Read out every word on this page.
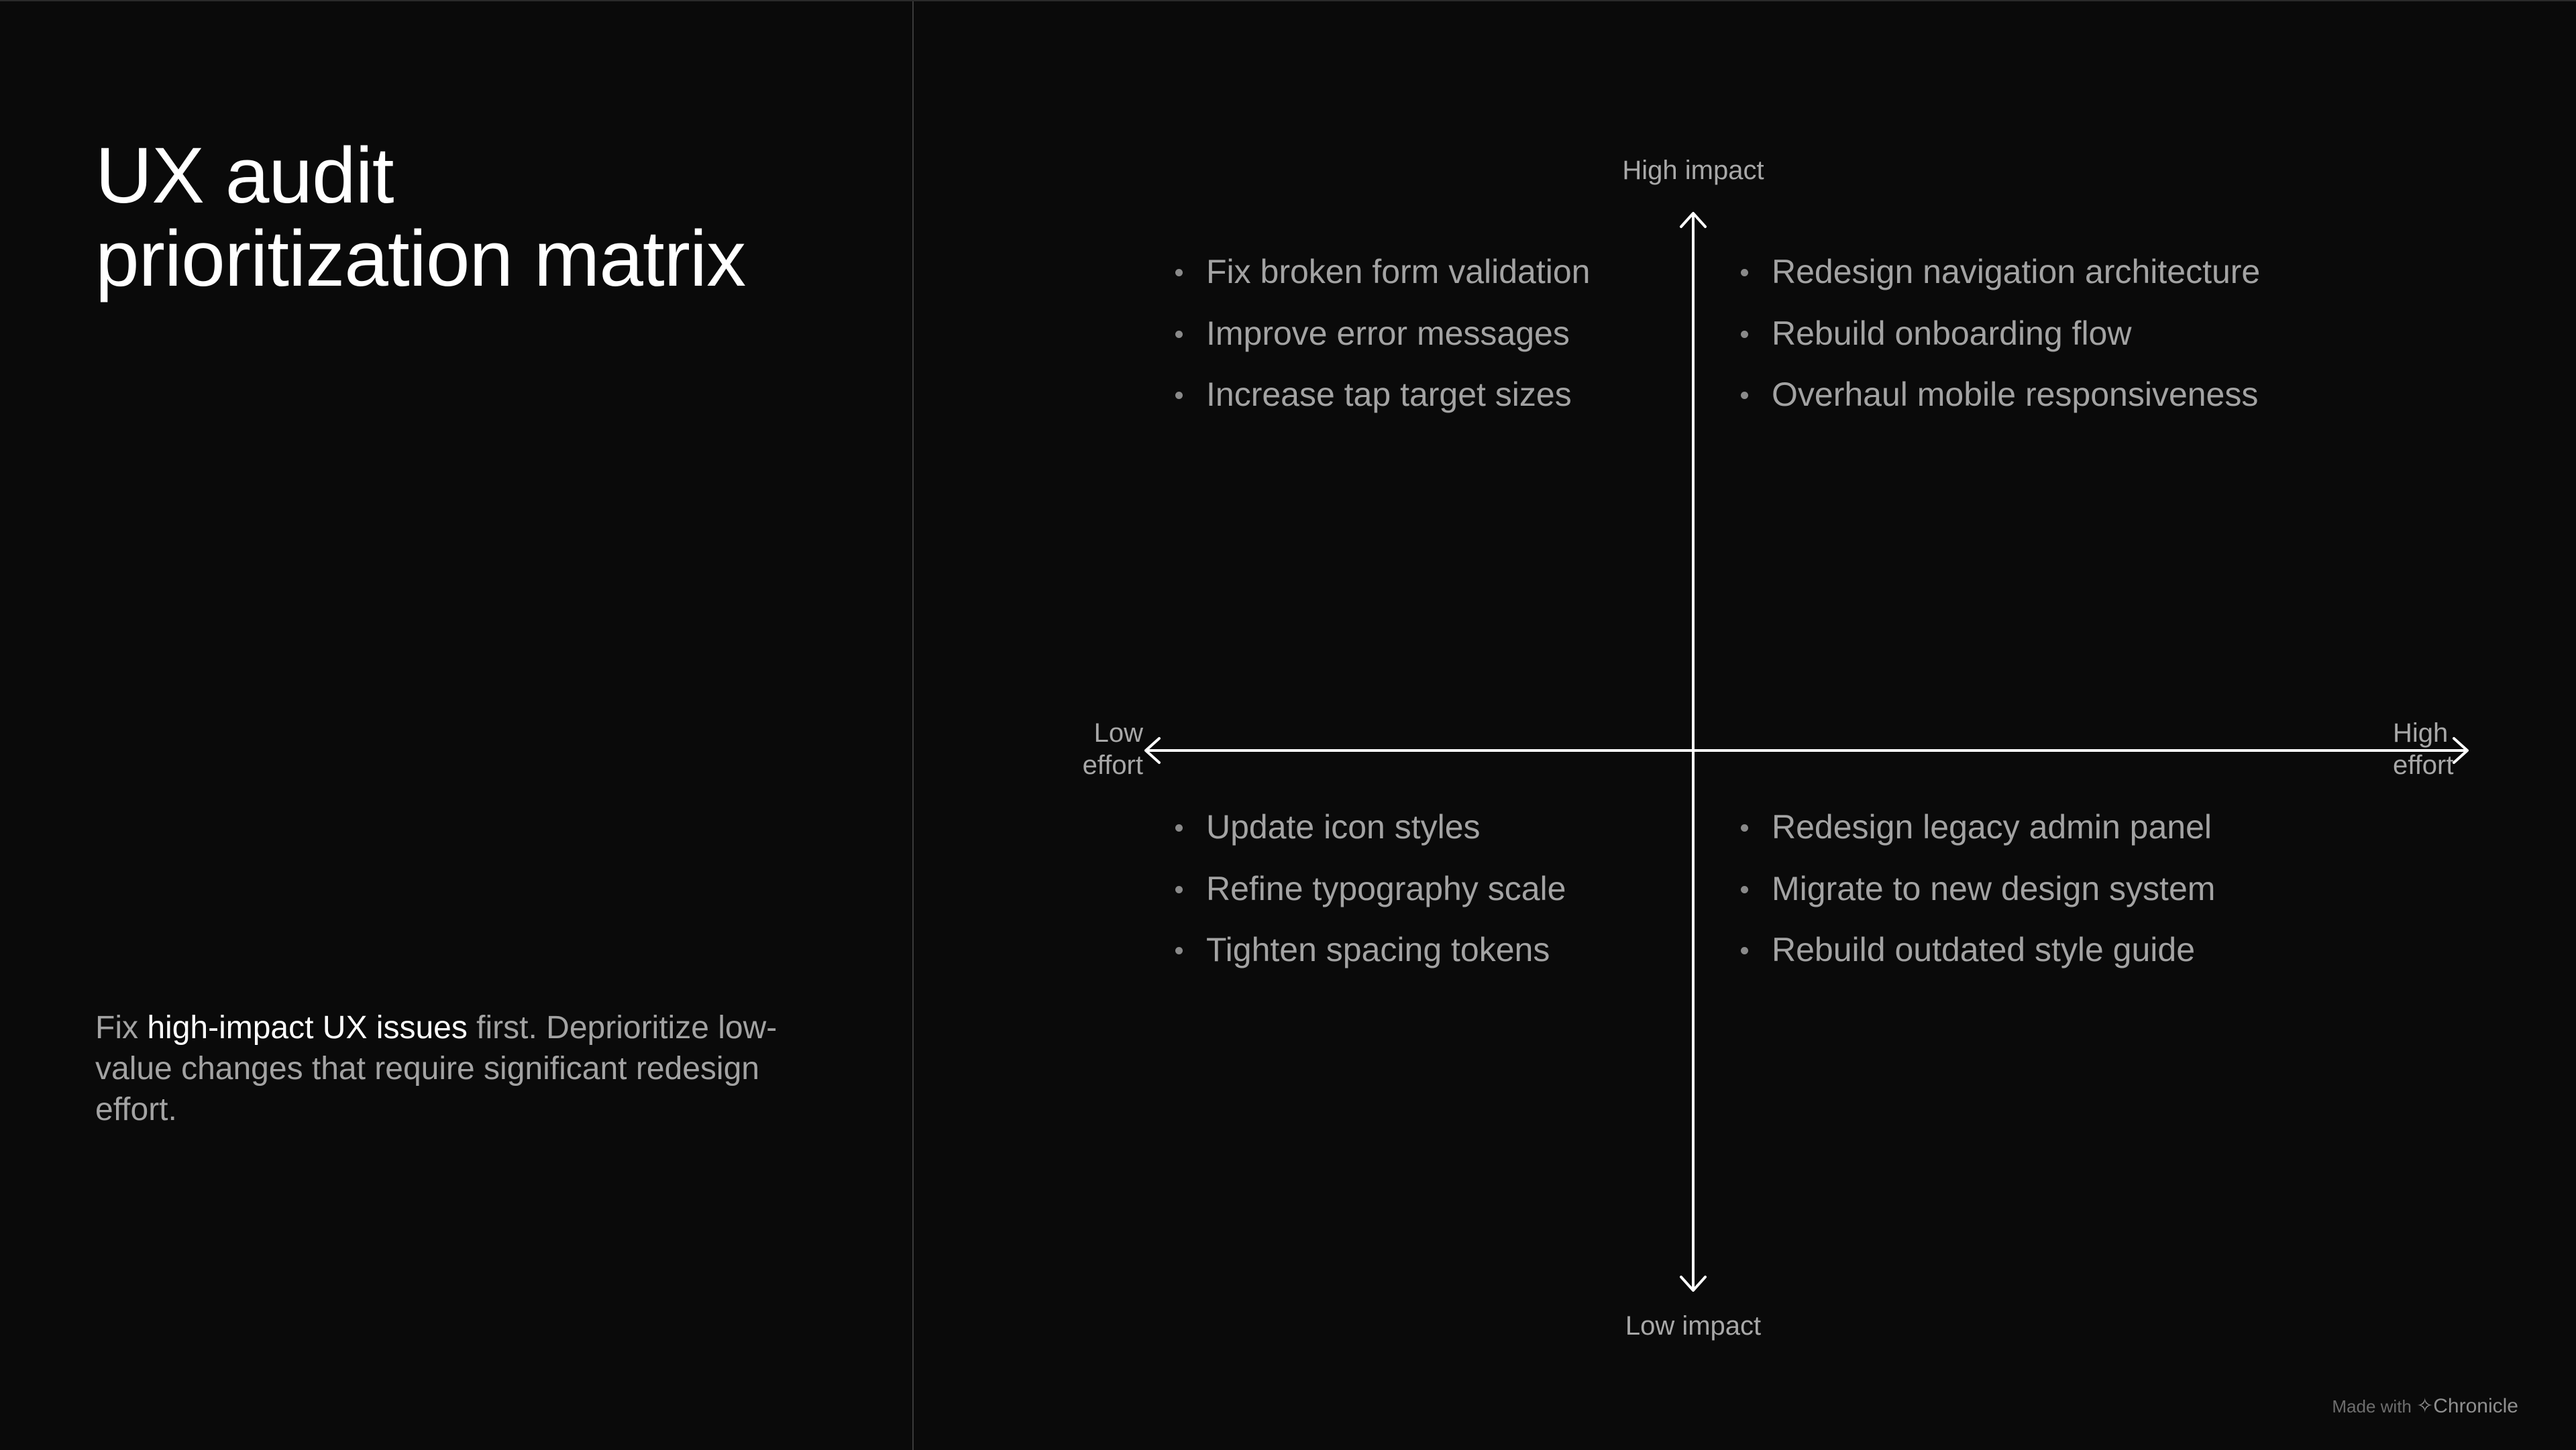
UX audit
prioritization matrix

Fix high-impact UX issues first. Deprioritize low-value changes that require significant redesign effort.

High impact
Low impact
Low
effort
High
effort
Fix broken form validation
Improve error messages
Increase tap target sizes
Redesign navigation architecture
Rebuild onboarding flow
Overhaul mobile responsiveness
Update icon styles
Refine typography scale
Tighten spacing tokens
Redesign legacy admin panel
Migrate to new design system
Rebuild outdated style guide
Made with ✧Chronicle
